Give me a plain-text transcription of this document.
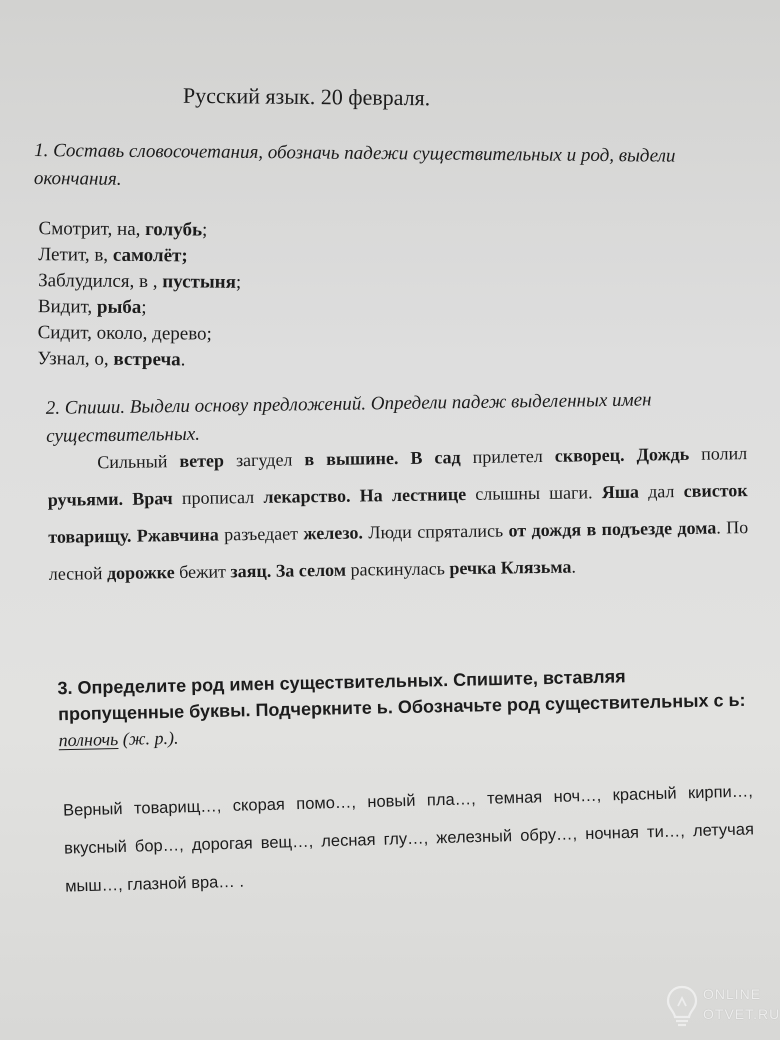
Русский язык. 20 февраля.
1. Составь словосочетания, обозначь падежи существительных и род, выдели окончания.
Смотрит, на, голубь;
Летит, в, самолёт;
Заблудился, в , пустыня;
Видит, рыба;
Сидит, около, дерево;
Узнал, о, встреча.
2. Спиши. Выдели основу предложений. Определи падеж выделенных имен существительных.
Сильный ветер загудел в вышине. В сад прилетел скворец. Дождь полил ручьями. Врач прописал лекарство. На лестнице слышны шаги. Яша дал свисток товарищу. Ржавчина разъедает железо. Люди спрятались от дождя в подъезде дома. По лесной дорожке бежит заяц. За селом раскинулась речка Клязьма.
3. Определите род имен существительных. Спишите, вставляя пропущенные буквы. Подчеркните ь. Обозначьте род существительных с ь: полночь (ж. р.).
Верный товарищ…, скорая помо…, новый пла…, темная ноч…, красный кирпи…, вкусный бор…, дорогая вещ…, лесная глу…, железный обру…, ночная ти…, летучая мыш…, глазной вра… .
ONLINE
OTVET.RU
